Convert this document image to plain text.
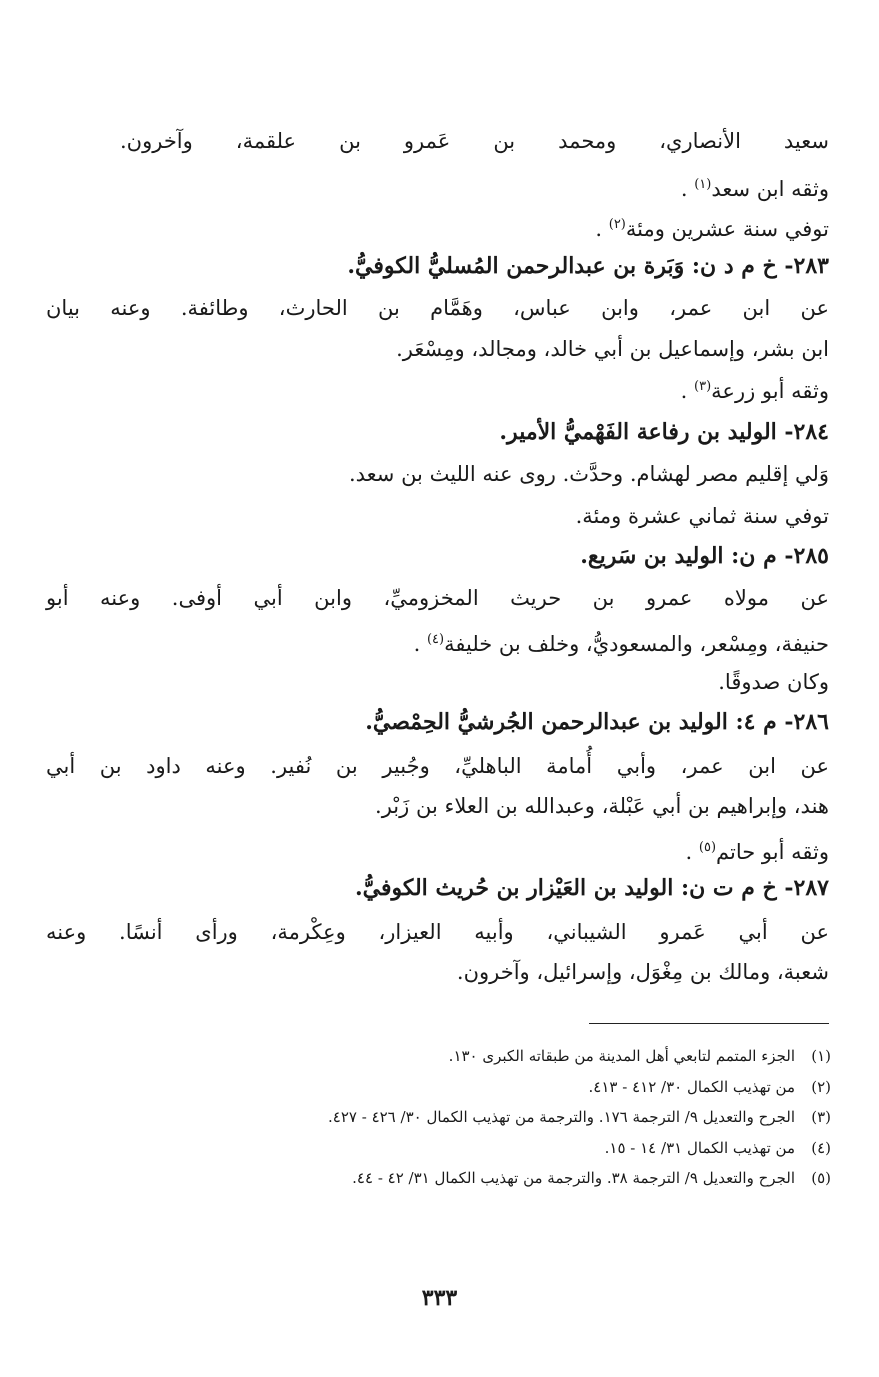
سعيد الأنصاري، ومحمد بن عَمرو بن علقمة، وآخرون.
وثقه ابن سعد$^{(١)}$ .
توفي سنة عشرين ومئة$^{(٢)}$ .
٢٨٣- خ م د ن: وَبَرة بن عبدالرحمن المُسليُّ الكوفيُّ.
عن ابن عمر، وابن عباس، وهَمَّام بن الحارث، وطائفة. وعنه بيان
ابن بشر، وإسماعيل بن أبي خالد، ومجالد، ومِسْعَر.
وثقه أبو زرعة$^{(٣)}$ .
٢٨٤- الوليد بن رفاعة الفَهْميُّ الأمير.
وَلي إقليم مصر لهشام. وحدَّث. روى عنه الليث بن سعد.
توفي سنة ثماني عشرة ومئة.
٢٨٥- م ن: الوليد بن سَريع.
عن مولاه عمرو بن حريث المخزوميِّ، وابن أبي أوفى. وعنه أبو
حنيفة، ومِسْعر، والمسعوديُّ، وخلف بن خليفة$^{(٤)}$ .
وكان صدوقًا.
٢٨٦- م ٤: الوليد بن عبدالرحمن الجُرشيُّ الحِمْصيُّ.
عن ابن عمر، وأبي أُمامة الباهليِّ، وجُبير بن نُفير. وعنه داود بن أبي
هند، وإبراهيم بن أبي عَبْلة، وعبدالله بن العلاء بن زَبْر.
وثقه أبو حاتم$^{(٥)}$ .
٢٨٧- خ م ت ن: الوليد بن العَيْزار بن حُريث الكوفيُّ.
عن أبي عَمرو الشيباني، وأبيه العيزار، وعِكْرمة، ورأى أنسًا. وعنه
شعبة، ومالك بن مِغْوَل، وإسرائيل، وآخرون.
(١)
الجزء المتمم لتابعي أهل المدينة من طبقاته الكبرى ١٣٠.
(٢)
من تهذيب الكمال ٣٠/ ٤١٢ - ٤١٣.
(٣)
الجرح والتعديل ٩/ الترجمة ١٧٦. والترجمة من تهذيب الكمال ٣٠/ ٤٢٦ - ٤٢٧.
(٤)
من تهذيب الكمال ٣١/ ١٤ - ١٥.
(٥)
الجرح والتعديل ٩/ الترجمة ٣٨. والترجمة من تهذيب الكمال ٣١/ ٤٢ - ٤٤.
٣٣٣
